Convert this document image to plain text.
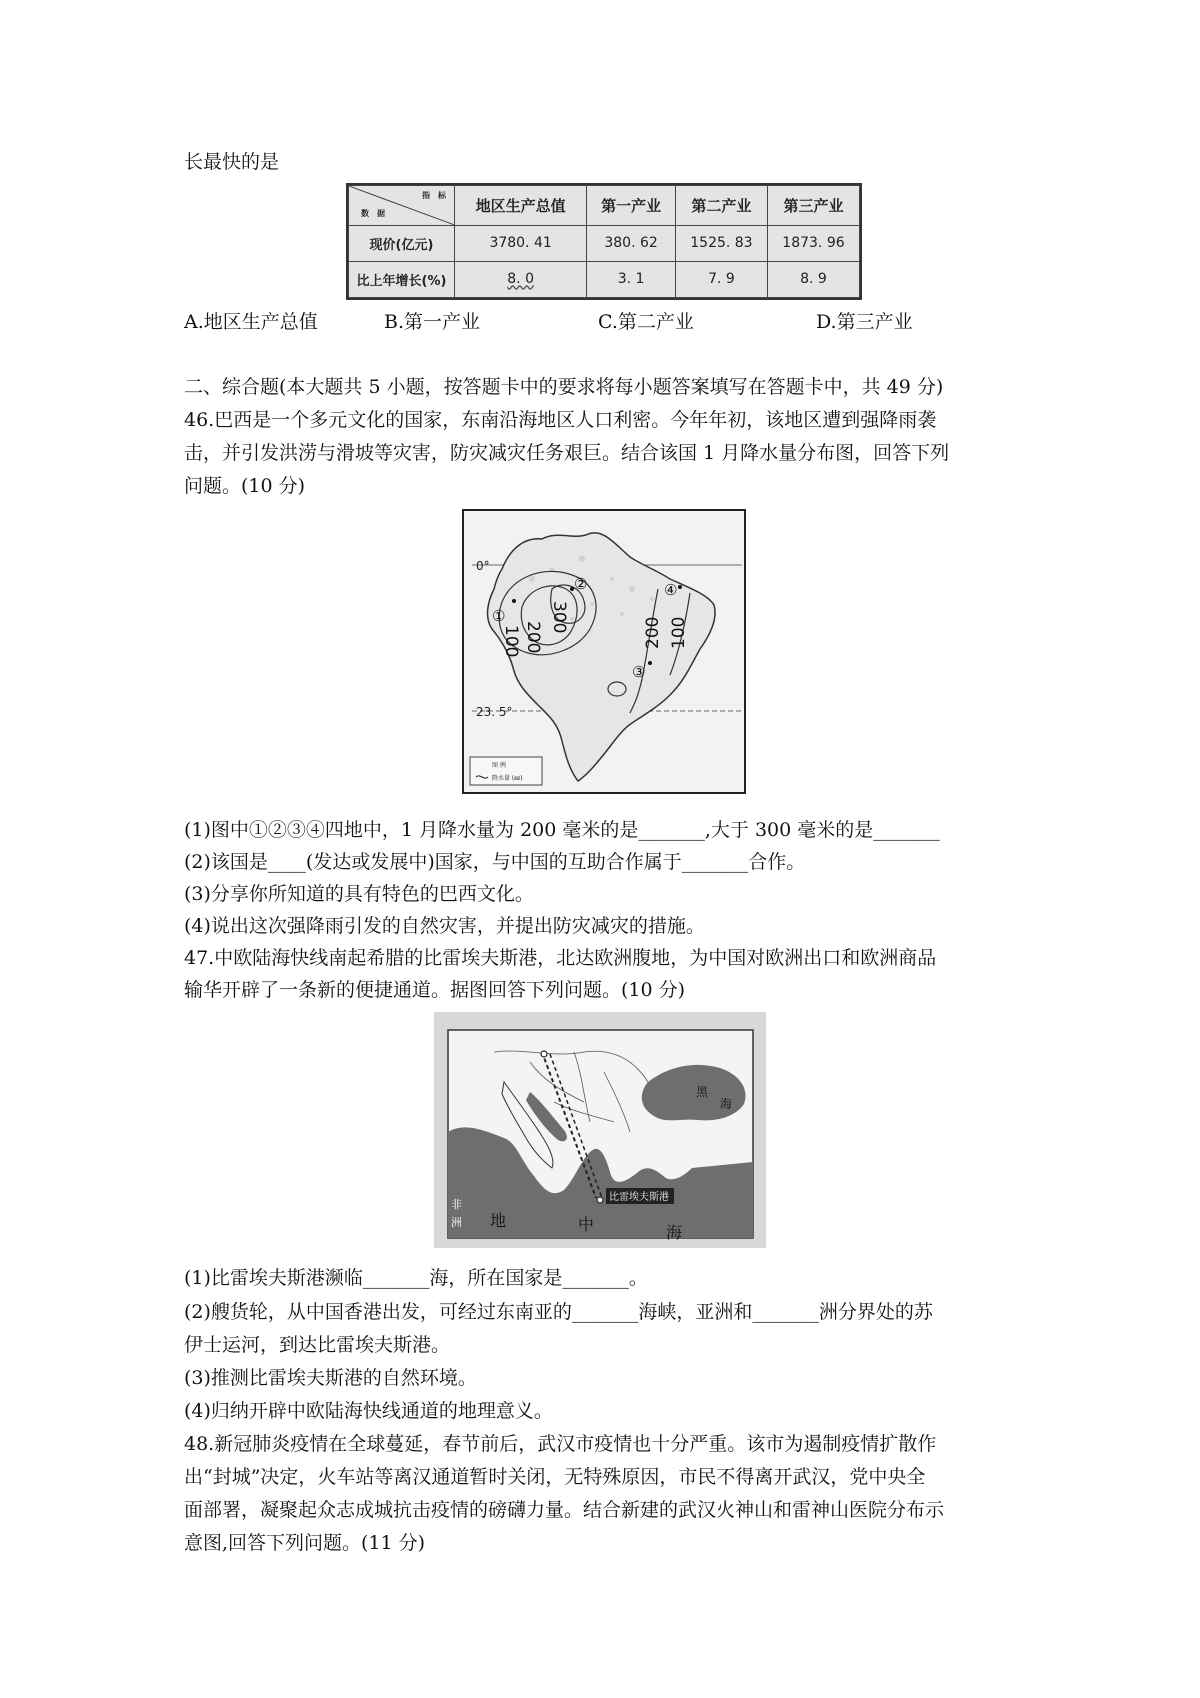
长最快的是
指　标
数　据	地区生产总值	第一产业	第二产业	第三产业
现价(亿元)	3780. 41	380. 62	1525. 83	1873. 96
比上年增长(%)	8. 0	3. 1	7. 9	8. 9
A.地区生产总值	B.第一产业	C.第二产业	D.第三产业
二、综合题(本大题共 5 小题，按答题卡中的要求将每小题答案填写在答题卡中，共 49 分)
46.巴西是一个多元文化的国家，东南沿海地区人口利密。今年年初，该地区遭到强降雨袭
击，并引发洪涝与滑坡等灾害，防灾减灾任务艰巨。结合该国 1 月降水量分布图，回答下列
问题。(10 分)
0°
23. 5°
100 200
300	200 100
①
②
③
④
图 例
降水量 (㎜)
(1)图中①②③④四地中，1 月降水量为 200 毫米的是_______,大于 300 毫米的是_______
(2)该国是____(发达或发展中)国家，与中国的互助合作属于_______合作。
(3)分享你所知道的具有特色的巴西文化。
(4)说出这次强降雨引发的自然灾害，并提出防灾减灾的措施。
47.中欧陆海快线南起希腊的比雷埃夫斯港，北达欧洲腹地，为中国对欧洲出口和欧洲商品
输华开辟了一条新的便捷通道。据图回答下列问题。(10 分)
比雷埃夫斯港
黑
海
非
洲 地	中	海
(1)比雷埃夫斯港濒临_______海，所在国家是_______。
(2)艘货轮，从中国香港出发，可经过东南亚的_______海峡，亚洲和_______洲分界处的苏
伊士运河，到达比雷埃夫斯港。
(3)推测比雷埃夫斯港的自然环境。
(4)归纳开辟中欧陆海快线通道的地理意义。
48.新冠肺炎疫情在全球蔓延，春节前后，武汉市疫情也十分严重。该市为遏制疫情扩散作
出“封城”决定，火车站等离汉通道暂时关闭，无特殊原因，市民不得离开武汉，党中央全
面部署，凝聚起众志成城抗击疫情的磅礴力量。结合新建的武汉火神山和雷神山医院分布示
意图,回答下列问题。(11 分)
